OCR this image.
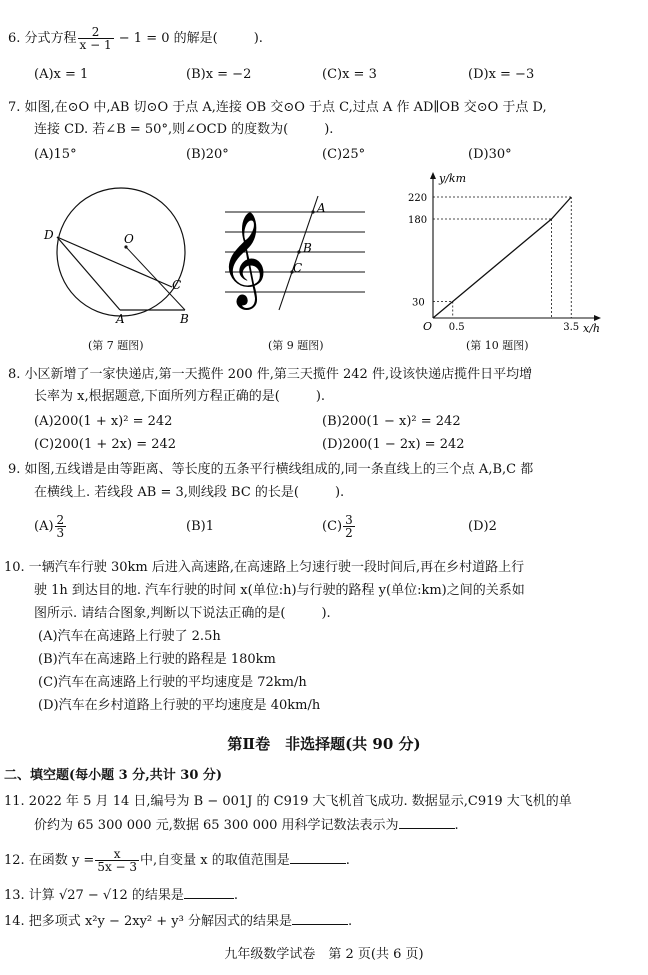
6. 分式方程 $\frac{2}{x - 1} - 1 = 0$ 的解是(	).
(A)x = 1	(B)x = −2	(C)x = 3	(D)x = −3
7. 如图,在⊙O 中,AB 切⊙O 于点 A,连接 OB 交⊙O 于点 C,过点 A 作 AD∥OB 交⊙O 于点 D,
连接 CD. 若∠B = 50°,则∠OCD 的度数为(	).
(A)15°	(B)20°	(C)25°	(D)30°
D	O
C
A	B
(第 7 题图)
𝄞
A
B
C
(第 9 题图)
y/km
x/h
O
220
180
30
0.5	3.5
(第 10 题图)
8. 小区新增了一家快递店,第一天揽件 200 件,第三天揽件 242 件,设该快递店揽件日平均增
长率为 x,根据题意,下面所列方程正确的是(	).
(A)200(1 + x)² = 242	(B)200(1 − x)² = 242
(C)200(1 + 2x) = 242	(D)200(1 − 2x) = 242
9. 如图,五线谱是由等距离、等长度的五条平行横线组成的,同一条直线上的三个点 A,B,C 都
在横线上. 若线段 AB = 3,则线段 BC 的长是(	).
$(A) \frac{2}{3}$	(B)1	$(C) \frac{3}{2}$	(D)2
10. 一辆汽车行驶 30km 后进入高速路,在高速路上匀速行驶一段时间后,再在乡村道路上行
驶 1h 到达目的地. 汽车行驶的时间 x(单位:h)与行驶的路程 y(单位:km)之间的关系如
图所示. 请结合图象,判断以下说法正确的是(	).
(A)汽车在高速路上行驶了 2.5h
(B)汽车在高速路上行驶的路程是 180km
(C)汽车在高速路上行驶的平均速度是 72km/h
(D)汽车在乡村道路上行驶的平均速度是 40km/h
第Ⅱ卷　非选择题(共 90 分)
二、填空题(每小题 3 分,共计 30 分)
11. 2022 年 5 月 14 日,编号为 B − 001J 的 C919 大飞机首飞成功. 数据显示,C919 大飞机的单
价约为 65 300 000 元,数据 65 300 000 用科学记数法表示为	.
12. 在函数 $y = \frac{x}{5x - 3}$ 中,自变量 x 的取值范围是	.
13. 计算 √27 − √12 的结果是	.
14. 把多项式 x²y − 2xy² + y³ 分解因式的结果是	.
九年级数学试卷　第 2 页(共 6 页)
